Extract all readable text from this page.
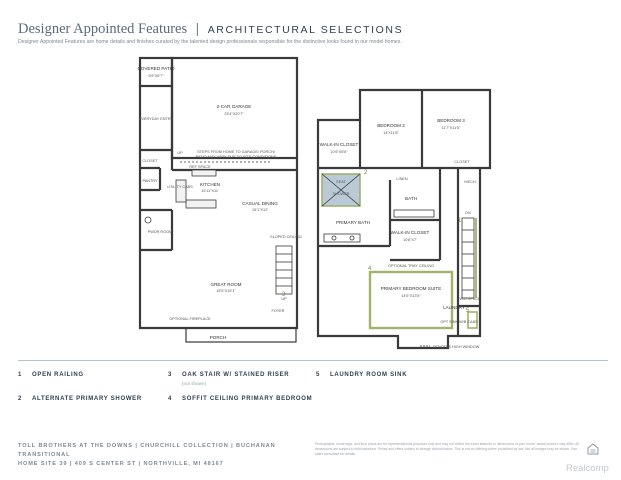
Designer Appointed Features | ARCHITECTURAL SELECTIONS
Designer Appointed Features are home details and finishes curated by the talented design professionals responsible for the distinctive looks found in our model homes.
COVERED PATIO
6'9"X6'7"
2-CAR GARAGE
23'4"X20'7"
EVERYDAY ENTRY
STEPS FROM HOME TO GARAGE/ PORCH/
PATIO MAY VARY DUE TO SITE CONDITIONS
CLOSET
UP
PANTRY
UTILITY CABS
REF SPACE
KITCHEN
15'11"X11'
CASUAL DINING
15'1"X12'
PWDR ROOM
SLOPED CEILING
GREAT ROOM
15'5"X15'1"
OPTIONAL FIREPLACE
FOYER
UP
PORCH
3
BEDROOM 2
14'X11'8"
BEDROOM 3
11'7"X11'5"
WALK-IN CLOSET
10'6"X6'6"
CLOSET
LINEN
MECH
SEAT
SHOWER
PRIMARY BATH
BATH
WALK-IN CLOSET
10'8"X7'
OPTIONAL TRAY CEILING
PRIMARY BEDROOM SUITE
14'5"X13'5"
W/D SPACE
LAUNDRY
OPT SINK W/B CABS
DN
DENOTES HIGH WINDOW
1
2
4
5
1 OPEN RAILING
2 ALTERNATE PRIMARY SHOWER
3 OAK STAIR W/ STAINED RISER
(not shown)
4 SOFFIT CEILING PRIMARY BEDROOM
5 LAUNDRY ROOM SINK
TOLL BROTHERS AT THE DOWNS | CHURCHILL COLLECTION | BUCHANAN TRANSITIONAL
HOME SITE 39 | 409 S CENTER ST | NORTHVILLE, MI 48167
Photographs, renderings, and floor plans are for representational purposes only and may not reflect the exact features or dimensions of your home; actual product may differ. All dimensions are subject to field variations. Prices and offers subject to change without notice. This is not an offering where prohibited by law. Not all images may be shown. See sales consultant for details.
Realcomp
